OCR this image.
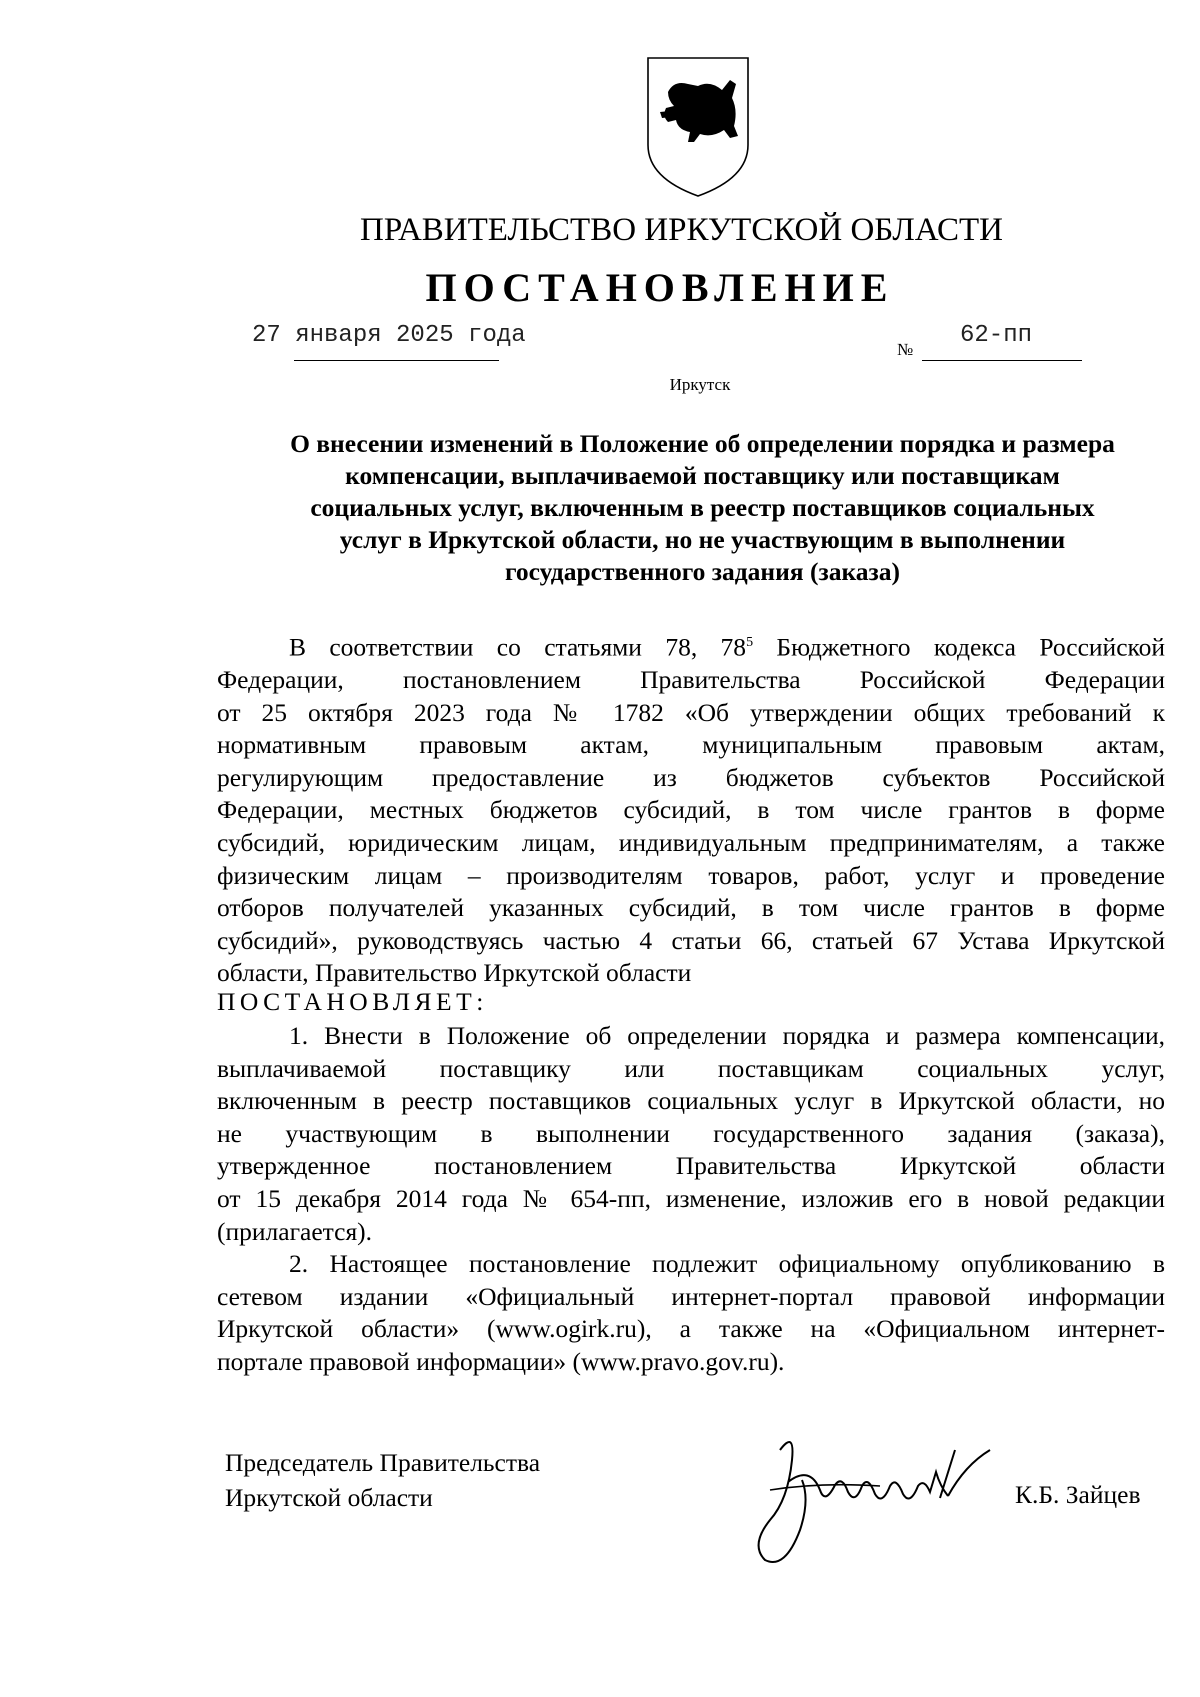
ПРАВИТЕЛЬСТВО ИРКУТСКОЙ ОБЛАСТИ
ПОСТАНОВЛЕНИЕ
27 января 2025 года
№
62-пп
Иркутск
О внесении изменений в Положение об определении порядка и размера
компенсации, выплачиваемой поставщику или поставщикам
социальных услуг, включенным в реестр поставщиков социальных
услуг в Иркутской области, но не участвующим в выполнении
государственного задания (заказа)
В соответствии со статьями 78, $78^5$ Бюджетного кодекса Российской
Федерации, постановлением Правительства Российской Федерации
от 25 октября 2023 года № 1782 «Об утверждении общих требований к
нормативным правовым актам, муниципальным правовым актам,
регулирующим предоставление из бюджетов субъектов Российской
Федерации, местных бюджетов субсидий, в том числе грантов в форме
субсидий, юридическим лицам, индивидуальным предпринимателям, а также
физическим лицам – производителям товаров, работ, услуг и проведение
отборов получателей указанных субсидий, в том числе грантов в форме
субсидий», руководствуясь частью 4 статьи 66, статьей 67 Устава Иркутской
области, Правительство Иркутской области
ПОСТАНОВЛЯЕТ:
1. Внести в Положение об определении порядка и размера компенсации,
выплачиваемой поставщику или поставщикам социальных услуг,
включенным в реестр поставщиков социальных услуг в Иркутской области, но
не участвующим в выполнении государственного задания (заказа),
утвержденное постановлением Правительства Иркутской области
от 15 декабря 2014 года № 654-пп, изменение, изложив его в новой редакции
(прилагается).
2. Настоящее постановление подлежит официальному опубликованию в
сетевом издании «Официальный интернет-портал правовой информации
Иркутской области» (www.ogirk.ru), а также на «Официальном интернет-
портале правовой информации» (www.pravo.gov.ru).
Председатель Правительства
Иркутской области	К.Б. Зайцев
